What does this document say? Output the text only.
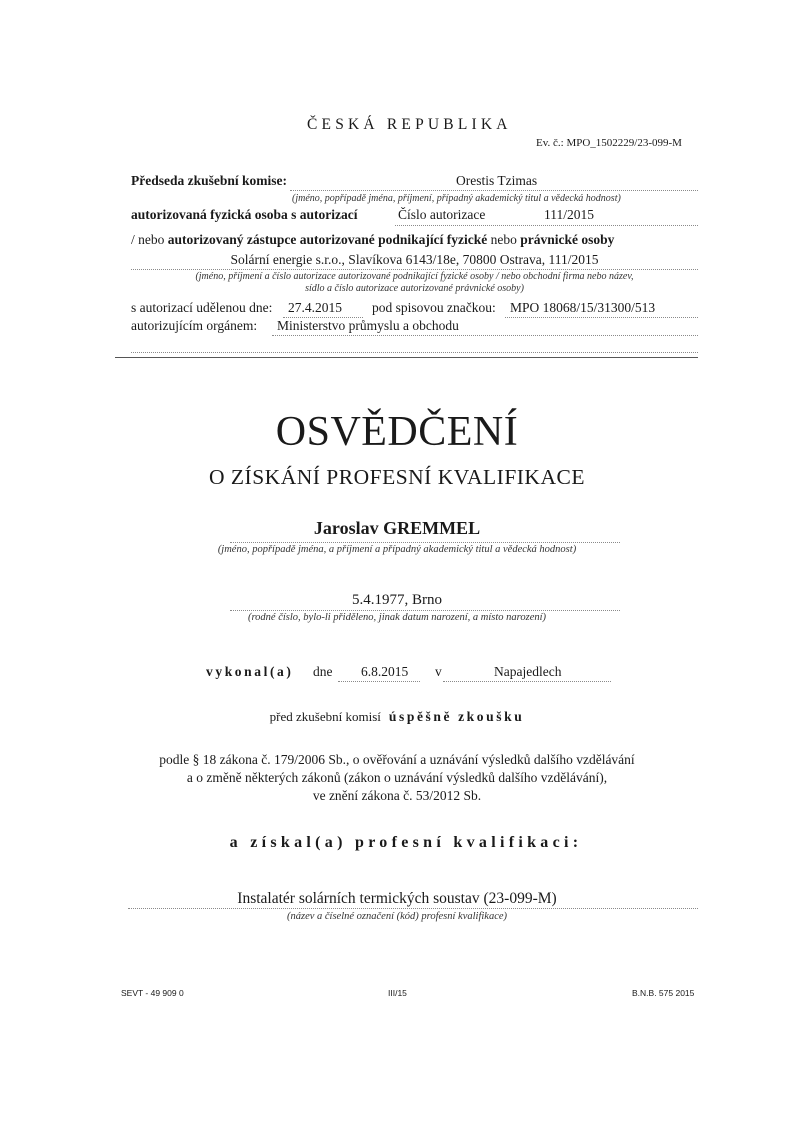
ČESKÁ REPUBLIKA
Ev. č.: MPO_1502229/23-099-M
Předseda zkušební komise:	Orestis Tzimas
(jméno, popřípadě jména, příjmení, případný akademický titul a vědecká hodnost)
autorizovaná fyzická osoba s autorizací	Číslo autorizace	111/2015
/ nebo autorizovaný zástupce autorizované podnikající fyzické nebo právnické osoby
Solární energie s.r.o., Slavíkova 6143/18e, 70800 Ostrava, 111/2015
(jméno, příjmení a číslo autorizace autorizované podnikající fyzické osoby / nebo obchodní firma nebo název,
sídlo a číslo autorizace autorizované právnické osoby)
s autorizací udělenou dne: 27.4.2015 pod spisovou značkou: MPO 18068/15/31300/513
autorizujícím orgánem: Ministerstvo průmyslu a obchodu
OSVĚDČENÍ
O ZÍSKÁNÍ PROFESNÍ KVALIFIKACE
Jaroslav GREMMEL
(jméno, popřípadě jména, a příjmení a případný akademický titul a vědecká hodnost)
5.4.1977, Brno
(rodné číslo, bylo-li přiděleno, jinak datum narození, a místo narození)
vykonal(a) dne 6.8.2015 v	Napajedlech
před zkušební komisí úspěšně zkoušku
podle § 18 zákona č. 179/2006 Sb., o ověřování a uznávání výsledků dalšího vzdělávání
a o změně některých zákonů (zákon o uznávání výsledků dalšího vzdělávání),
ve znění zákona č. 53/2012 Sb.
a získal(a) profesní kvalifikaci:
Instalatér solárních termických soustav (23-099-M)
(název a číselné označení (kód) profesní kvalifikace)
SEVT - 49 909 0	III/15	B.N.B. 575 2015
